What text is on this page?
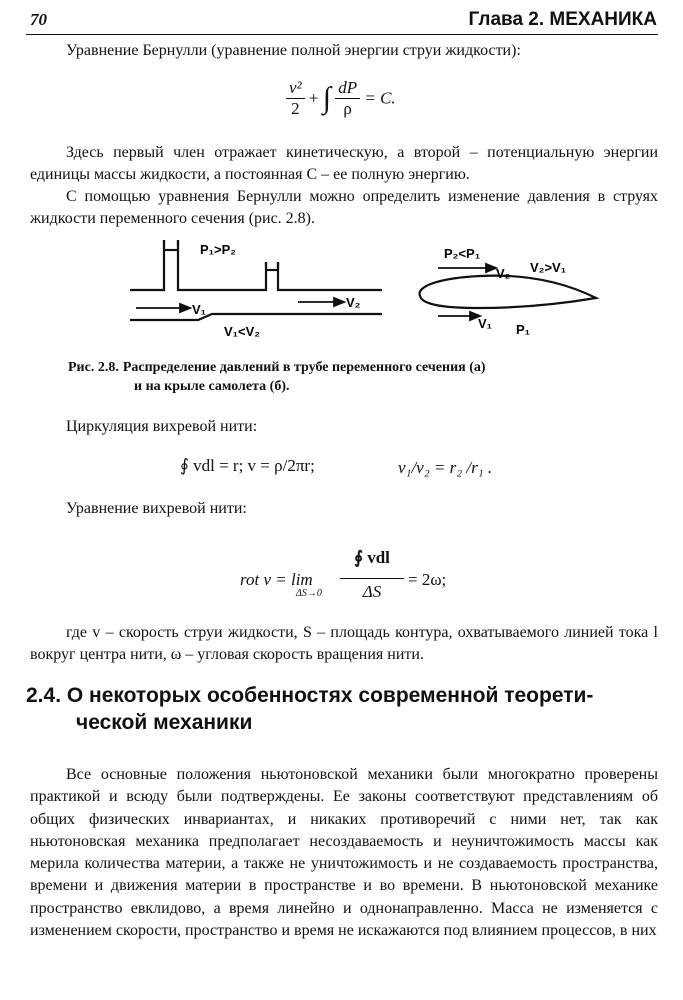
70	Глава 2. МЕХАНИКА
Уравнение Бернулли (уравнение полной энергии струи жидкости):
$\frac{\text{v²}}{2}$ + ∫ $\frac{dP}{\rho} = C$.
Здесь первый член отражает кинетическую, а второй – потенциальную энергии единицы массы жидкости, а постоянная C – ее полную энергию.
С помощью уравнения Бернулли можно определить изменение давления в струях жидкости переменного сечения (рис. 2.8).
P₁>P₂
V₁	V₂
V₁<V₂
P₂<P₁
V₂ V₂>V₁
V₁ P₁
Рис. 2.8. Распределение давлений в трубе переменного сечения (а)
и на крыле самолета (б).
Циркуляция вихревой нити:
∮ vdl = r; v = ρ/2πr;	v₁/v₂ = r₂ /r₁ .
Уравнение вихревой нити:
rot v = lim
ΔS→0
∮ vdl
ΔS
= 2ω;
где v – скорость струи жидкости, S – площадь контура, охватываемого линией тока l вокруг центра нити, ω – угловая скорость вращения нити.
2.4. О некоторых особенностях современной теорети-
ческой механики
Все основные положения ньютоновской механики были многократно проверены практикой и всюду были подтверждены. Ее законы соответствуют представлениям об общих физических инвариантах, и никаких противоречий с ними нет, так как ньютоновская механика предполагает несоздаваемость и неуничтожимость массы как мерила количества материи, а также не уничтожимость и не создаваемость пространства, времени и движения материи в пространстве и во времени. В ньютоновской механике пространство евклидово, а время линейно и однонаправленно. Масса не изменяется с изменением скорости, пространство и время не искажаются под влиянием процессов, в них
